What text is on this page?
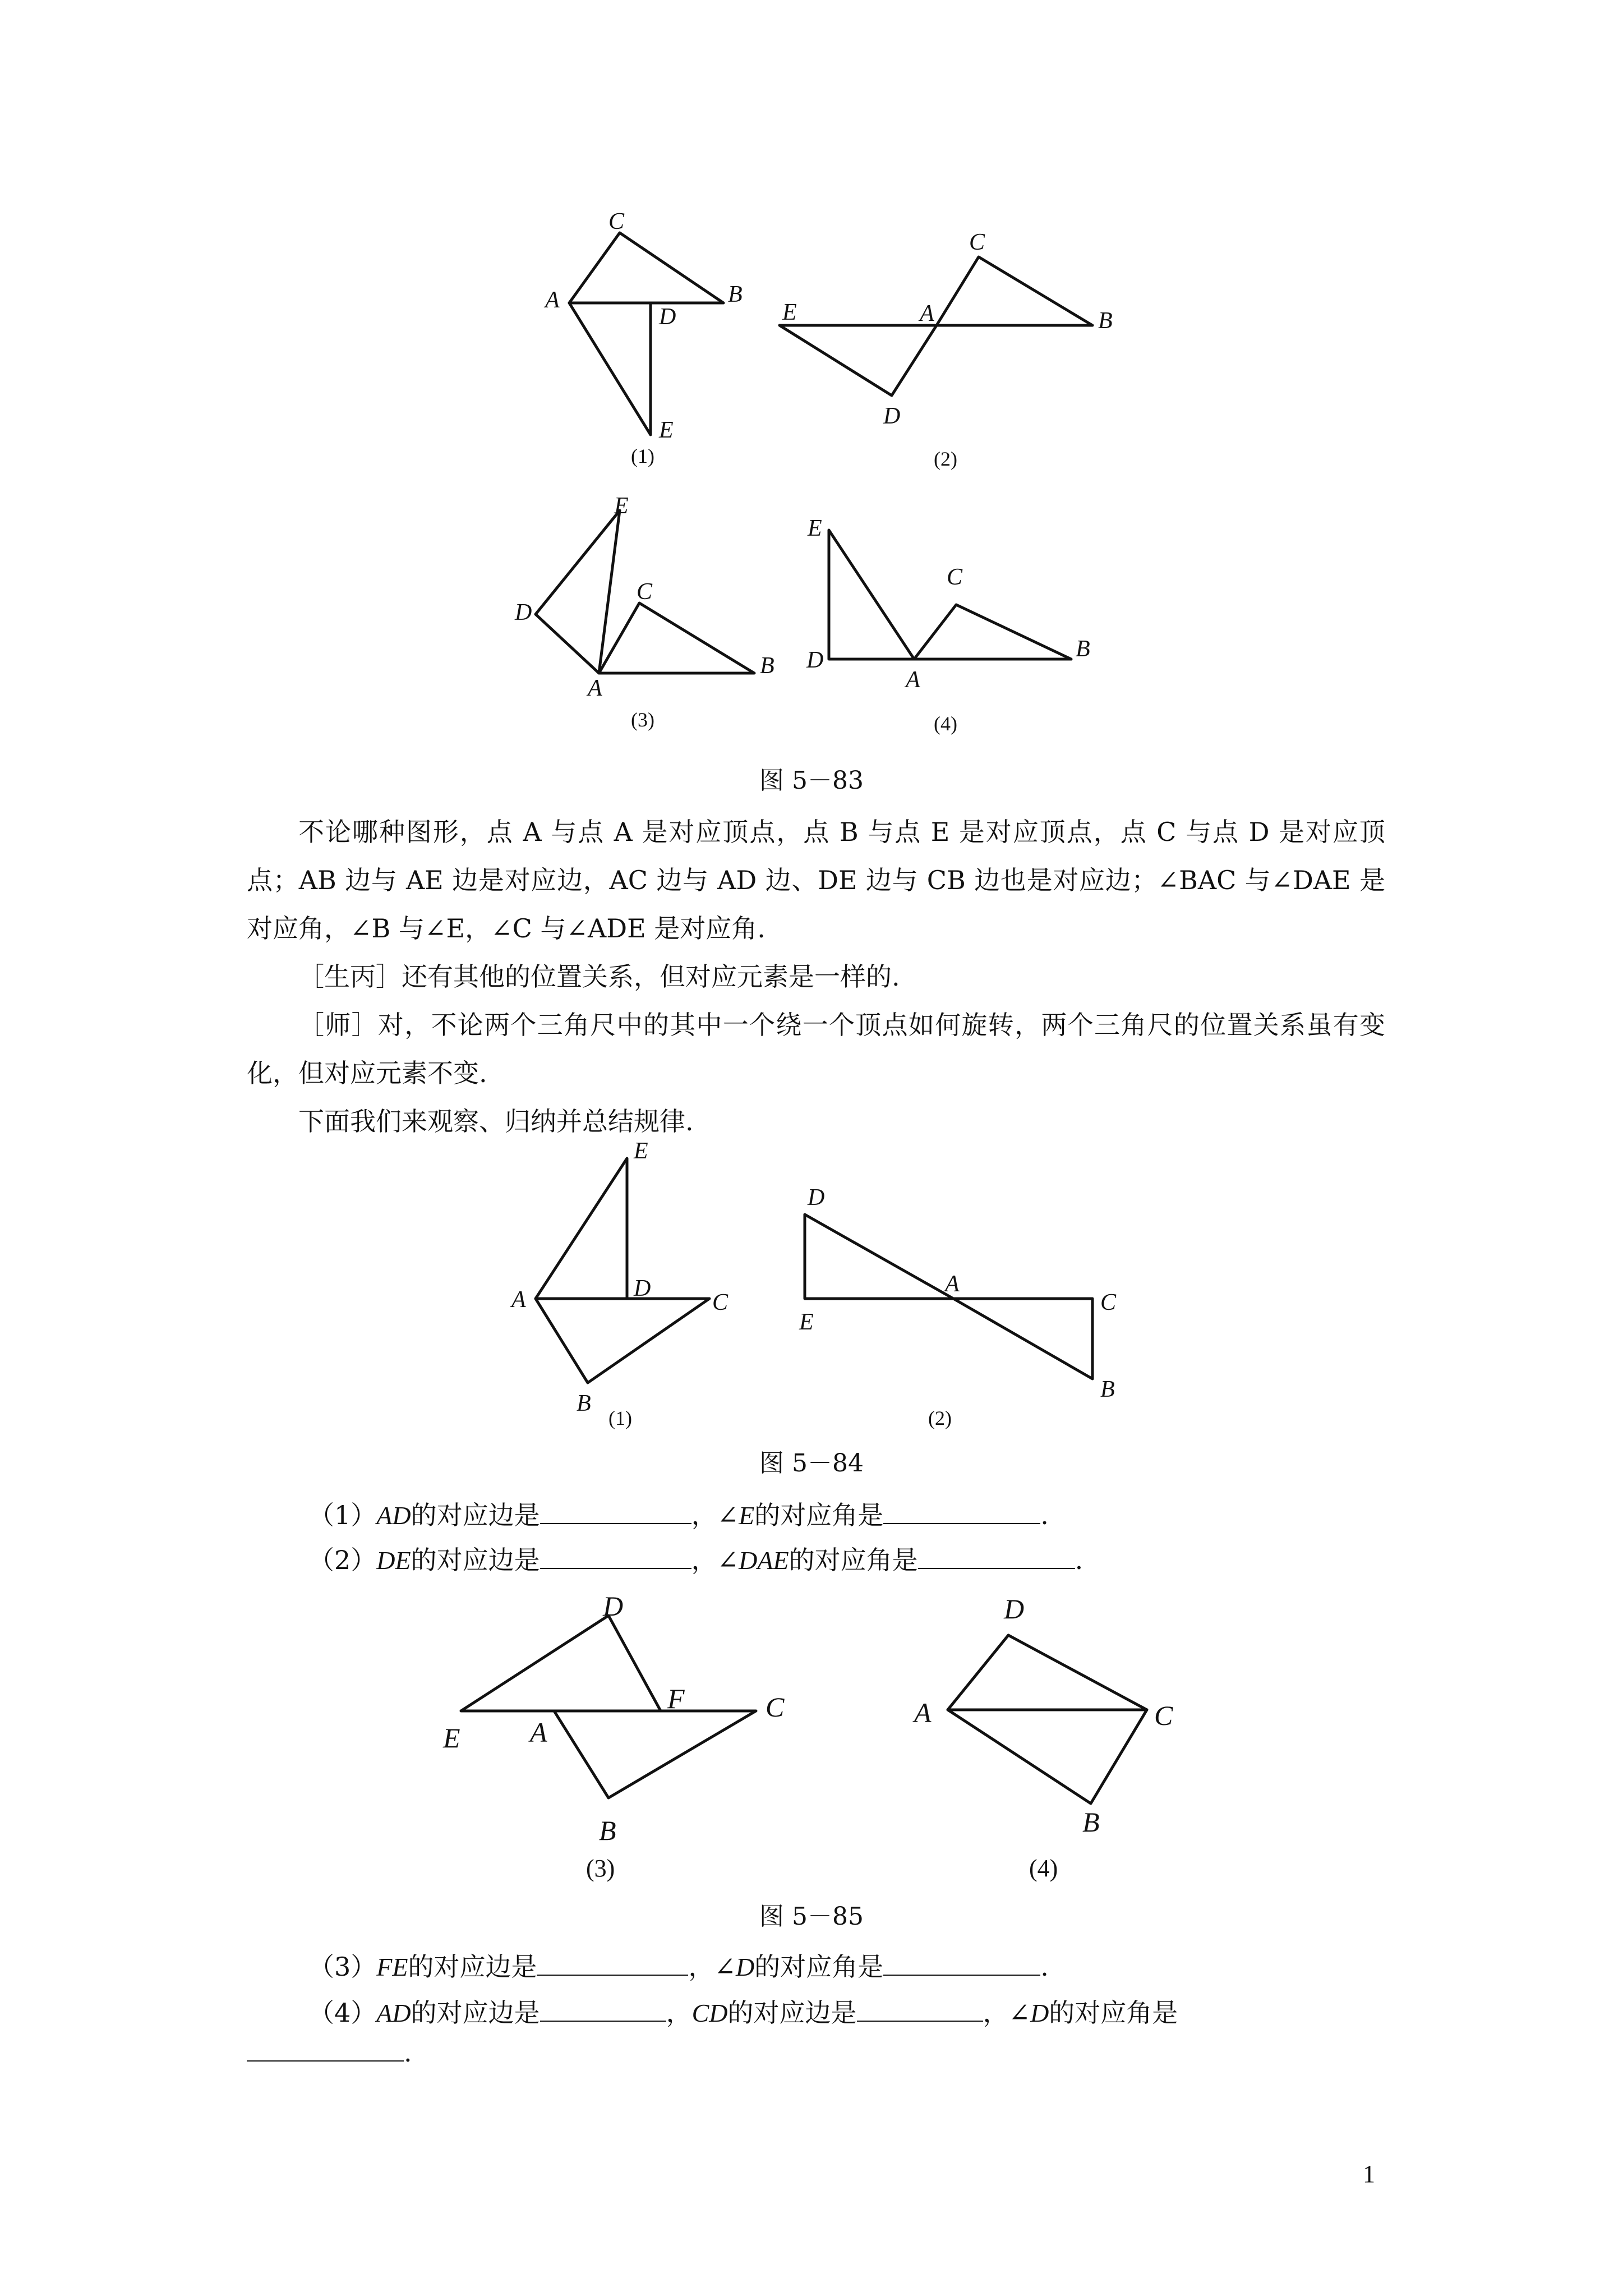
C
A	B
D
E
(1)
C
E	A	B
D
(2)
E
D
C
A
B
(3)
E
C
D	B
A
(4)
图 5－83

不论哪种图形，点 A 与点 A 是对应顶点，点 B 与点 E 是对应顶点，点 C 与点 D 是对应顶点；AB 边与 AE 边是对应边，AC 边与 AD 边、DE 边与 CB 边也是对应边；∠BAC 与∠DAE 是对应角，∠B 与∠E，∠C 与∠ADE 是对应角.

［生丙］还有其他的位置关系，但对应元素是一样的.

［师］对，不论两个三角尺中的其中一个绕一个顶点如何旋转，两个三角尺的位置关系虽有变化，但对应元素不变.

下面我们来观察、归纳并总结规律.

E
A	D
C
B
(1)
D
A
E
C
B
(2)
图 5－84
（1）AD的对应边是	，∠E的对应角是	.
（2）DE的对应边是	，∠DAE的对应角是	.
D
F	C
E A
B
(3)
D
A	C
B
(4)
图 5－85
（3）FE的对应边是	，∠D的对应角是	.
（4）AD的对应边是	，CD的对应边是	，∠D的对应角是
.
1
